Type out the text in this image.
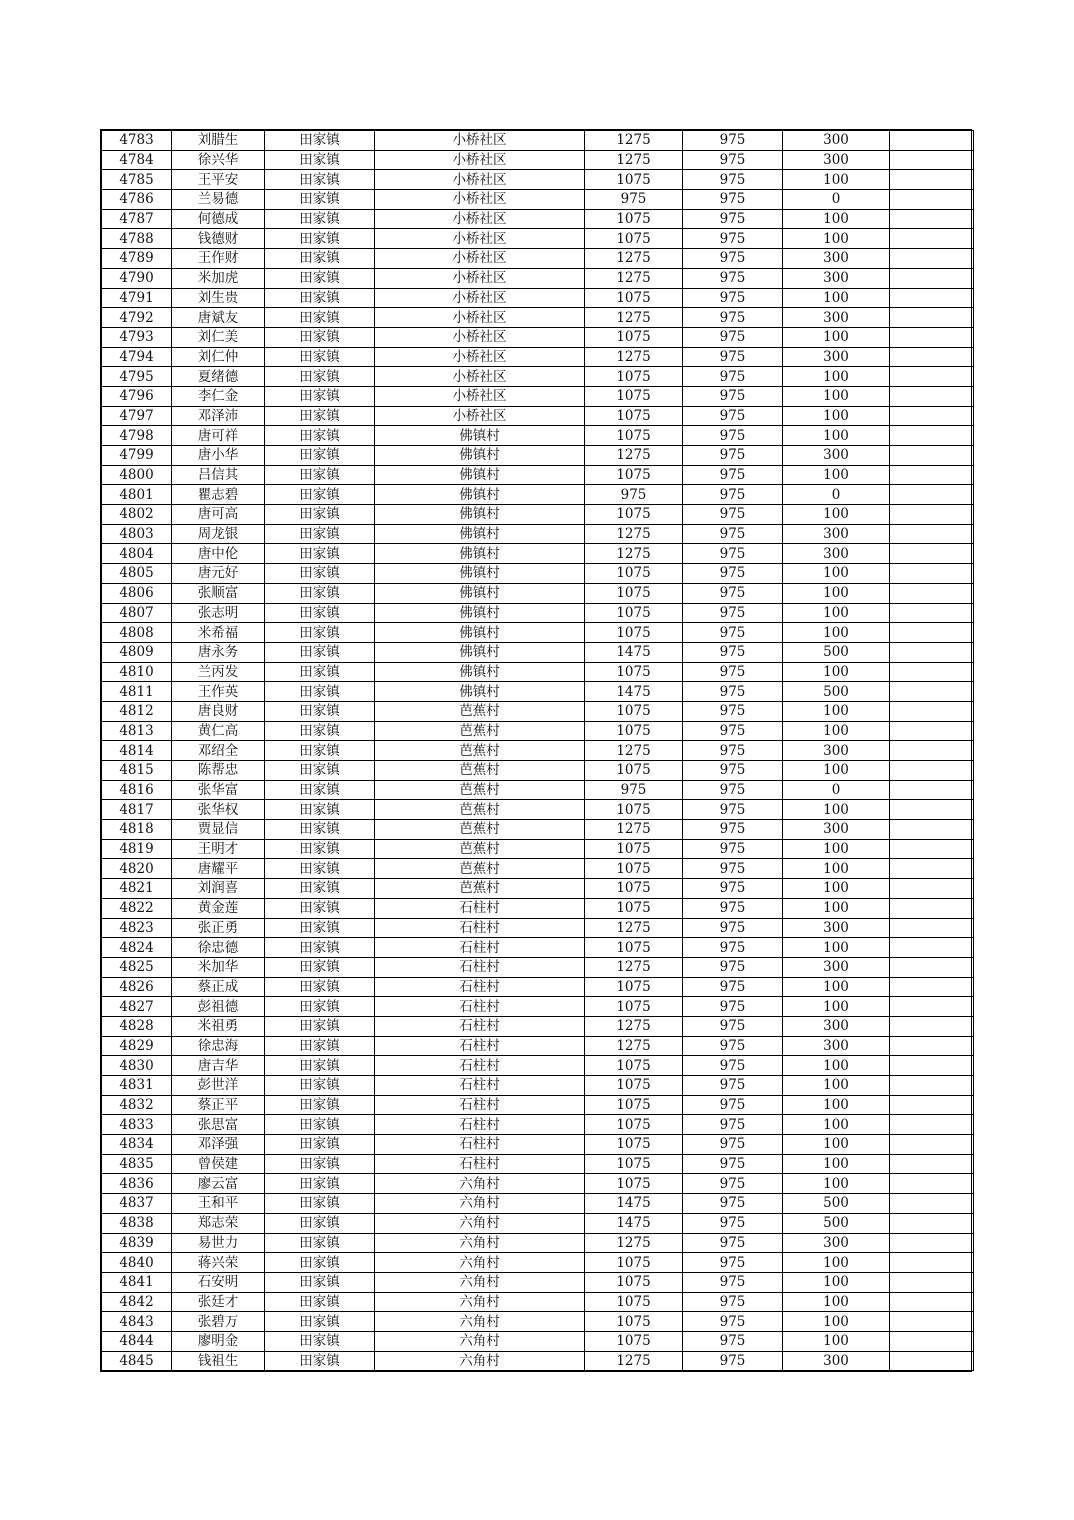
4783	刘腊生	田家镇	小桥社区	1275	975	300	
4784	徐兴华	田家镇	小桥社区	1275	975	300	
4785	王平安	田家镇	小桥社区	1075	975	100	
4786	兰易德	田家镇	小桥社区	975	975	0	
4787	何德成	田家镇	小桥社区	1075	975	100	
4788	钱德财	田家镇	小桥社区	1075	975	100	
4789	王作财	田家镇	小桥社区	1275	975	300	
4790	米加虎	田家镇	小桥社区	1275	975	300	
4791	刘生贵	田家镇	小桥社区	1075	975	100	
4792	唐斌友	田家镇	小桥社区	1275	975	300	
4793	刘仁美	田家镇	小桥社区	1075	975	100	
4794	刘仁仲	田家镇	小桥社区	1275	975	300	
4795	夏绪德	田家镇	小桥社区	1075	975	100	
4796	李仁金	田家镇	小桥社区	1075	975	100	
4797	邓泽沛	田家镇	小桥社区	1075	975	100	
4798	唐可祥	田家镇	佛镇村	1075	975	100	
4799	唐小华	田家镇	佛镇村	1275	975	300	
4800	吕信其	田家镇	佛镇村	1075	975	100	
4801	瞿志碧	田家镇	佛镇村	975	975	0	
4802	唐可高	田家镇	佛镇村	1075	975	100	
4803	周龙银	田家镇	佛镇村	1275	975	300	
4804	唐中伦	田家镇	佛镇村	1275	975	300	
4805	唐元好	田家镇	佛镇村	1075	975	100	
4806	张顺富	田家镇	佛镇村	1075	975	100	
4807	张志明	田家镇	佛镇村	1075	975	100	
4808	米希福	田家镇	佛镇村	1075	975	100	
4809	唐永务	田家镇	佛镇村	1475	975	500	
4810	兰丙发	田家镇	佛镇村	1075	975	100	
4811	王作英	田家镇	佛镇村	1475	975	500	
4812	唐良财	田家镇	芭蕉村	1075	975	100	
4813	黄仁高	田家镇	芭蕉村	1075	975	100	
4814	邓绍全	田家镇	芭蕉村	1275	975	300	
4815	陈帮忠	田家镇	芭蕉村	1075	975	100	
4816	张华富	田家镇	芭蕉村	975	975	0	
4817	张华权	田家镇	芭蕉村	1075	975	100	
4818	贾显信	田家镇	芭蕉村	1275	975	300	
4819	王明才	田家镇	芭蕉村	1075	975	100	
4820	唐耀平	田家镇	芭蕉村	1075	975	100	
4821	刘润喜	田家镇	芭蕉村	1075	975	100	
4822	黄金莲	田家镇	石柱村	1075	975	100	
4823	张正勇	田家镇	石柱村	1275	975	300	
4824	徐忠德	田家镇	石柱村	1075	975	100	
4825	米加华	田家镇	石柱村	1275	975	300	
4826	蔡正成	田家镇	石柱村	1075	975	100	
4827	彭祖德	田家镇	石柱村	1075	975	100	
4828	米祖勇	田家镇	石柱村	1275	975	300	
4829	徐忠海	田家镇	石柱村	1275	975	300	
4830	唐吉华	田家镇	石柱村	1075	975	100	
4831	彭世洋	田家镇	石柱村	1075	975	100	
4832	蔡正平	田家镇	石柱村	1075	975	100	
4833	张思富	田家镇	石柱村	1075	975	100	
4834	邓泽强	田家镇	石柱村	1075	975	100	
4835	曾侯建	田家镇	石柱村	1075	975	100	
4836	廖云富	田家镇	六角村	1075	975	100	
4837	王和平	田家镇	六角村	1475	975	500	
4838	郑志荣	田家镇	六角村	1475	975	500	
4839	易世力	田家镇	六角村	1275	975	300	
4840	蒋兴荣	田家镇	六角村	1075	975	100	
4841	石安明	田家镇	六角村	1075	975	100	
4842	张廷才	田家镇	六角村	1075	975	100	
4843	张碧万	田家镇	六角村	1075	975	100	
4844	廖明金	田家镇	六角村	1075	975	100	
4845	钱祖生	田家镇	六角村	1275	975	300	
